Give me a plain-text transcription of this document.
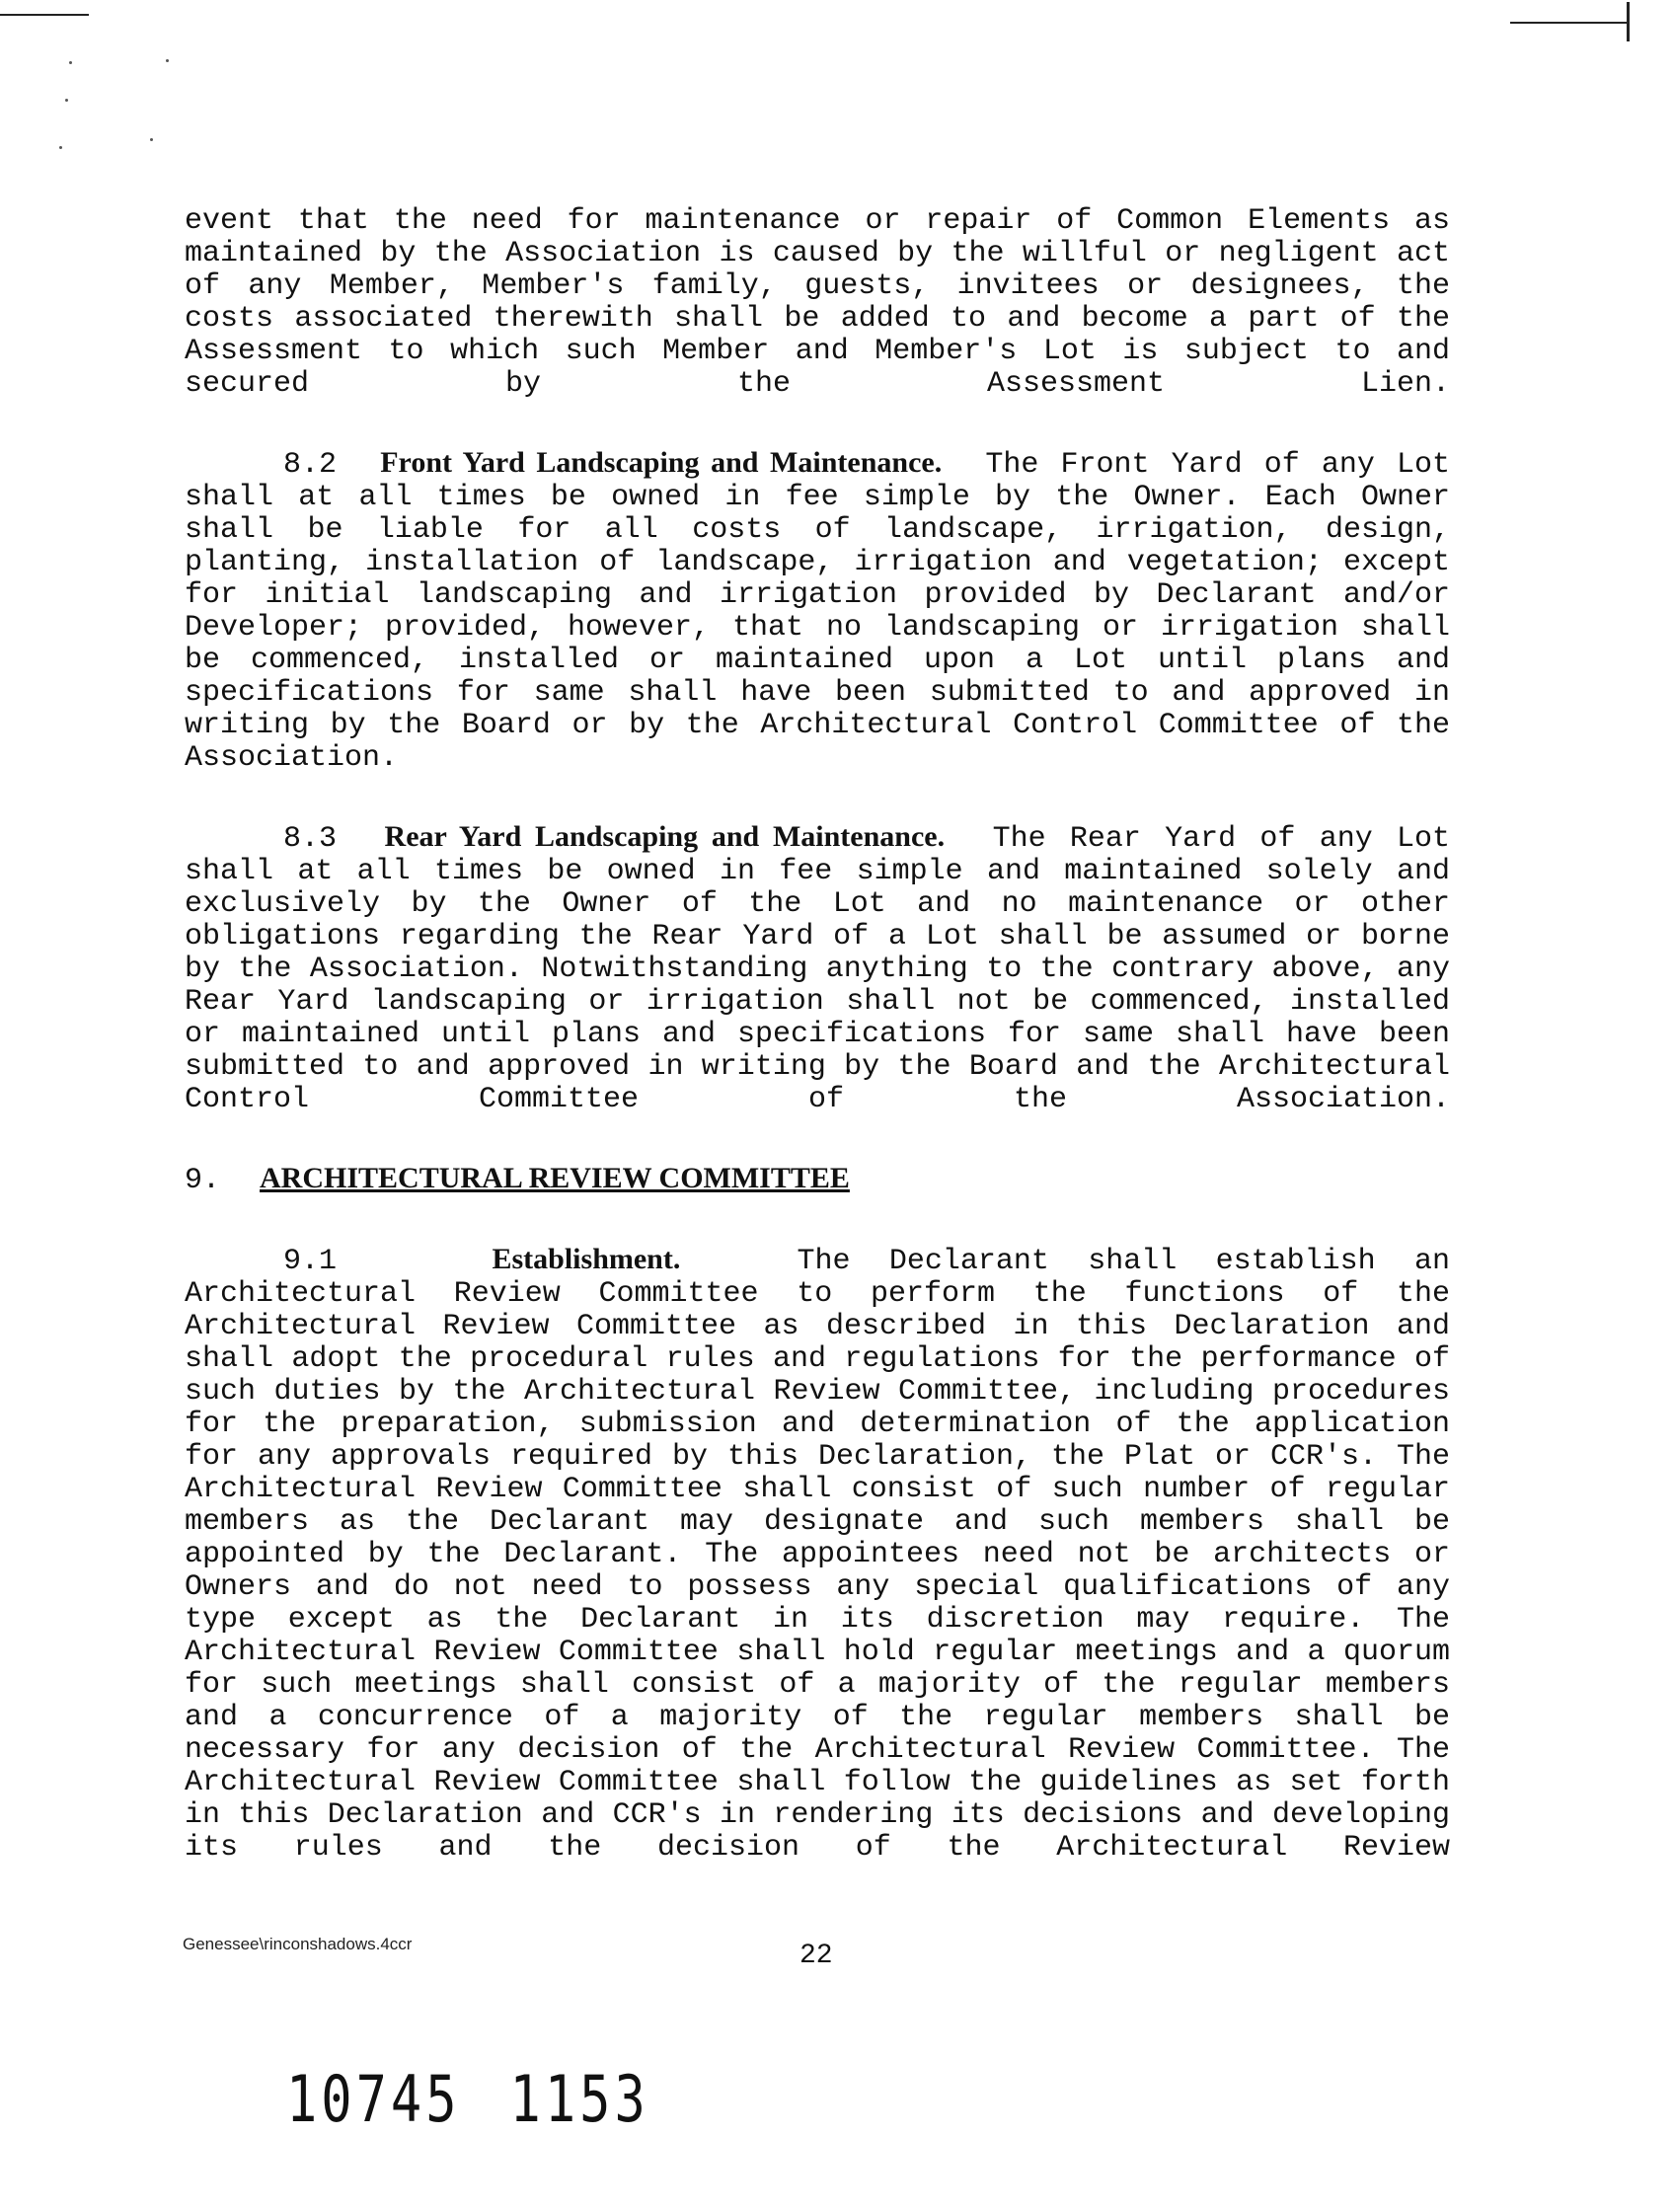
event that the need for maintenance or repair of Common Elements as maintained by the Association is caused by the willful or negligent act of any Member, Member's family, guests, invitees or designees, the costs associated therewith shall be added to and become a part of the Assessment to which such Member and Member's Lot is subject to and secured by the Assessment Lien.

8.2 Front Yard Landscaping and Maintenance. The Front Yard of any Lot shall at all times be owned in fee simple by the Owner. Each Owner shall be liable for all costs of landscape, irrigation, design, planting, installation of landscape, irrigation and vegetation; except for initial landscaping and irrigation provided by Declarant and/or Developer; provided, however, that no landscaping or irrigation shall be commenced, installed or maintained upon a Lot until plans and specifications for same shall have been submitted to and approved in writing by the Board or by the Architectural Control Committee of the Association.

8.3 Rear Yard Landscaping and Maintenance. The Rear Yard of any Lot shall at all times be owned in fee simple and maintained solely and exclusively by the Owner of the Lot and no maintenance or other obligations regarding the Rear Yard of a Lot shall be assumed or borne by the Association. Notwithstanding anything to the contrary above, any Rear Yard landscaping or irrigation shall not be commenced, installed or maintained until plans and specifications for same shall have been submitted to and approved in writing by the Board and the Architectural Control Committee of the Association.

9. ARCHITECTURAL REVIEW COMMITTEE

9.1	Establishment.	The Declarant shall establish an Architectural Review Committee to perform the functions of the Architectural Review Committee as described in this Declaration and shall adopt the procedural rules and regulations for the performance of such duties by the Architectural Review Committee, including procedures for the preparation, submission and determination of the application for any approvals required by this Declaration, the Plat or CCR's. The Architectural Review Committee shall consist of such number of regular members as the Declarant may designate and such members shall be appointed by the Declarant. The appointees need not be architects or Owners and do not need to possess any special qualifications of any type except as the Declarant in its discretion may require. The Architectural Review Committee shall hold regular meetings and a quorum for such meetings shall consist of a majority of the regular members and a concurrence of a majority of the regular members shall be necessary for any decision of the Architectural Review Committee. The Architectural Review Committee shall follow the guidelines as set forth in this Declaration and CCR's in rendering its decisions and developing its rules and the decision of the Architectural Review

Genessee\rinconshadows.4ccr	22
10745 1153
